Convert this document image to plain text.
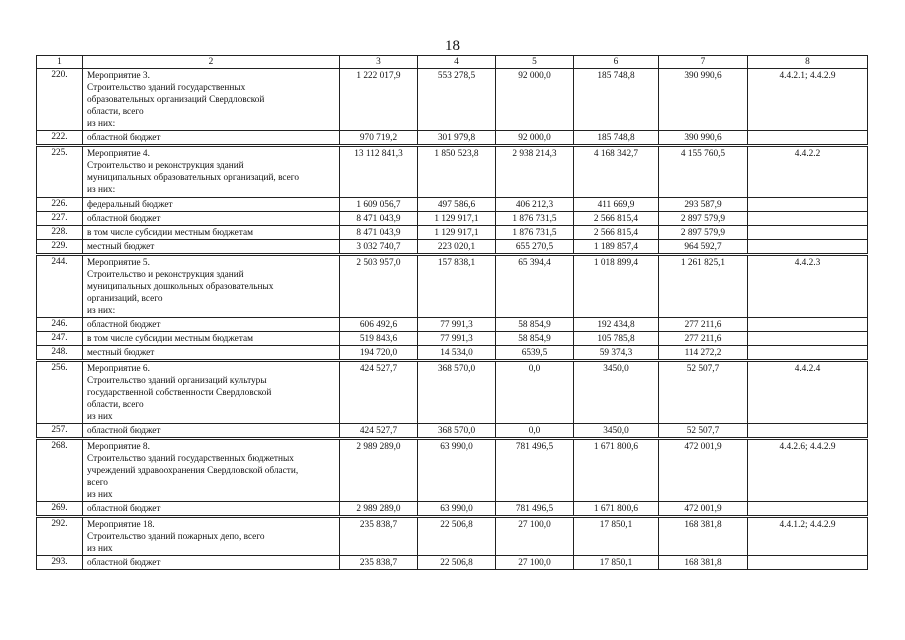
18
1	2	3	4	5	6	7	8
220.	Мероприятие 3.
Строительство зданий государственных
образовательных организаций Свердловской
области, всего
из них:	1 222 017,9	553 278,5	92 000,0	185 748,8	390 990,6	4.4.2.1; 4.4.2.9
222.	областной бюджет	970 719,2	301 979,8	92 000,0	185 748,8	390 990,6	
225.	Мероприятие 4.
Строительство и реконструкция зданий
муниципальных образовательных организаций, всего
из них:	13 112 841,3	1 850 523,8	2 938 214,3	4 168 342,7	4 155 760,5	4.4.2.2
226.	федеральный бюджет	1 609 056,7	497 586,6	406 212,3	411 669,9	293 587,9	
227.	областной бюджет	8 471 043,9	1 129 917,1	1 876 731,5	2 566 815,4	2 897 579,9	
228.	в том числе субсидии местным бюджетам	8 471 043,9	1 129 917,1	1 876 731,5	2 566 815,4	2 897 579,9	
229.	местный бюджет	3 032 740,7	223 020,1	655 270,5	1 189 857,4	964 592,7	
244.	Мероприятие 5.
Строительство и реконструкция зданий
муниципальных дошкольных образовательных
организаций, всего
из них:	2 503 957,0	157 838,1	65 394,4	1 018 899,4	1 261 825,1	4.4.2.3
246.	областной бюджет	606 492,6	77 991,3	58 854,9	192 434,8	277 211,6	
247.	в том числе субсидии местным бюджетам	519 843,6	77 991,3	58 854,9	105 785,8	277 211,6	
248.	местный бюджет	194 720,0	14 534,0	6539,5	59 374,3	114 272,2	
256.	Мероприятие 6.
Строительство зданий организаций культуры
государственной собственности Свердловской
области, всего
из них	424 527,7	368 570,0	0,0	3450,0	52 507,7	4.4.2.4
257.	областной бюджет	424 527,7	368 570,0	0,0	3450,0	52 507,7	
268.	Мероприятие 8.
Строительство зданий государственных бюджетных
учреждений здравоохранения Свердловской области,
всего
из них	2 989 289,0	63 990,0	781 496,5	1 671 800,6	472 001,9	4.4.2.6; 4.4.2.9
269.	областной бюджет	2 989 289,0	63 990,0	781 496,5	1 671 800,6	472 001,9	
292.	Мероприятие 18.
Строительство зданий пожарных депо, всего
из них	235 838,7	22 506,8	27 100,0	17 850,1	168 381,8	4.4.1.2; 4.4.2.9
293.	областной бюджет	235 838,7	22 506,8	27 100,0	17 850,1	168 381,8	
